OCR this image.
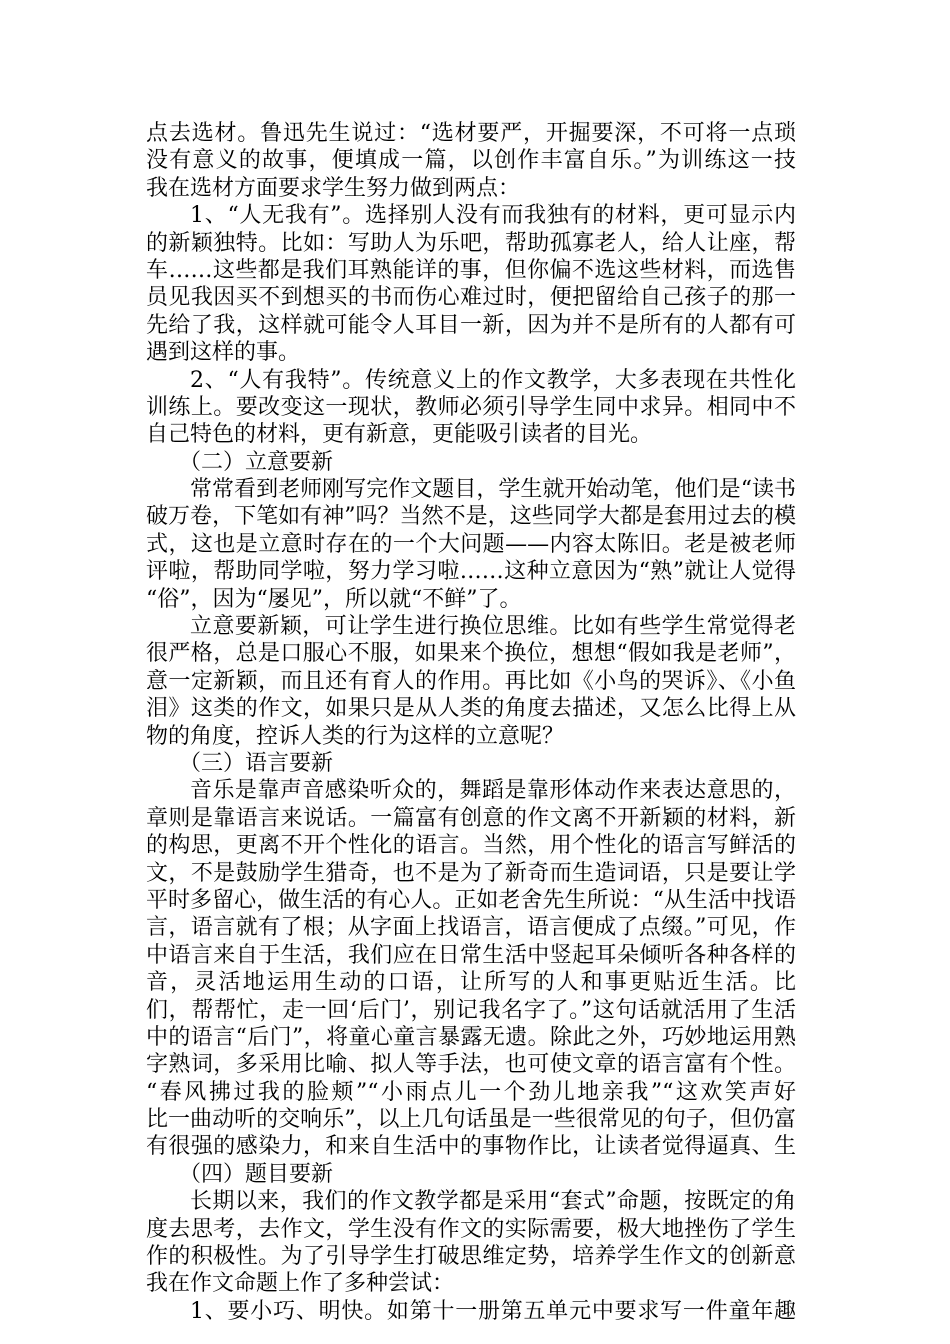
点去选材。鲁迅先生说过：“选材要严，开掘要深，不可将一点琐
没有意义的故事，便填成一篇，以创作丰富自乐。”为训练这一技
我在选材方面要求学生努力做到两点：
1、“人无我有”。选择别人没有而我独有的材料，更可显示内
的新颖独特。比如：写助人为乐吧，帮助孤寡老人，给人让座，帮
车……这些都是我们耳熟能详的事，但你偏不选这些材料，而选售
员见我因买不到想买的书而伤心难过时，便把留给自己孩子的那一
先给了我，这样就可能令人耳目一新，因为并不是所有的人都有可
遇到这样的事。
2、“人有我特”。传统意义上的作文教学，大多表现在共性化
训练上。要改变这一现状，教师必须引导学生同中求异。相同中不
自己特色的材料，更有新意，更能吸引读者的目光。
（二）立意要新
常常看到老师刚写完作文题目，学生就开始动笔，他们是“读书
破万卷，下笔如有神”吗？当然不是，这些同学大都是套用过去的模
式，这也是立意时存在的一个大问题——内容太陈旧。老是被老师
评啦，帮助同学啦，努力学习啦……这种立意因为“熟”就让人觉得
“俗”，因为“屡见”，所以就“不鲜”了。
立意要新颖，可让学生进行换位思维。比如有些学生常觉得老
很严格，总是口服心不服，如果来个换位，想想“假如我是老师”，
意一定新颖，而且还有育人的作用。再比如《小鸟的哭诉》、《小鱼
泪》这类的作文，如果只是从人类的角度去描述，又怎么比得上从
物的角度，控诉人类的行为这样的立意呢？
（三）语言要新
音乐是靠声音感染听众的，舞蹈是靠形体动作来表达意思的，
章则是靠语言来说话。一篇富有创意的作文离不开新颖的材料，新
的构思，更离不开个性化的语言。当然，用个性化的语言写鲜活的
文，不是鼓励学生猎奇，也不是为了新奇而生造词语，只是要让学
平时多留心，做生活的有心人。正如老舍先生所说：“从生活中找语
言，语言就有了根；从字面上找语言，语言便成了点缀。”可见，作
中语言来自于生活，我们应在日常生活中竖起耳朵倾听各种各样的
音，灵活地运用生动的口语，让所写的人和事更贴近生活。比
们，帮帮忙，走一回‘后门’，别记我名字了。”这句话就活用了生活
中的语言“后门”，将童心童言暴露无遗。除此之外，巧妙地运用熟
字熟词，多采用比喻、拟人等手法，也可使文章的语言富有个性。
“春风拂过我的脸颊”“小雨点儿一个劲儿地亲我”“这欢笑声好
比一曲动听的交响乐”，以上几句话虽是一些很常见的句子，但仍富
有很强的感染力，和来自生活中的事物作比，让读者觉得逼真、生
（四）题目要新
长期以来，我们的作文教学都是采用“套式”命题，按既定的角
度去思考，去作文，学生没有作文的实际需要，极大地挫伤了学生
作的积极性。为了引导学生打破思维定势，培养学生作文的创新意
我在作文命题上作了多种尝试：
1、要小巧、明快。如第十一册第五单元中要求写一件童年趣
